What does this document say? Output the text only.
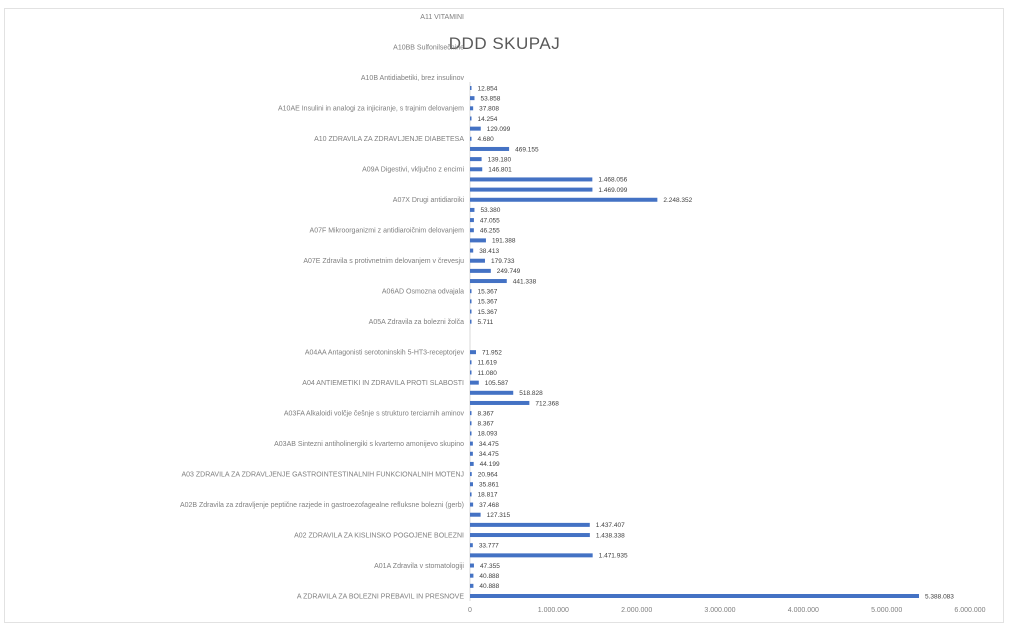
DDD SKUPAJ
0	1.000.000	2.000.000	3.000.000	4.000.000	5.000.000	6.000.000
5.388.083
40.888
40.888
47.355
1.471.935
33.777
1.438.338
1.437.407
127.315
37.468
18.817
35.861
20.964
44.199
34.475
34.475
18.093
8.367
8.367
712.368
518.828
105.587
11.080
11.619
71.952
5.711
15.367
15.367
15.367
441.338
249.749
179.733
38.413
191.388
46.255
47.055
53.380
2.248.352
1.469.099
1.468.056
146.801
139.180
469.155
4.680
129.099
14.254
37.808
53.858
12.854
A ZDRAVILA ZA BOLEZNI PREBAVIL IN PRESNOVE
A01A Zdravila v stomatologiji
A02 ZDRAVILA ZA KISLINSKO POGOJENE BOLEZNI
A02B Zdravila za zdravljenje peptične razjede in gastroezofagealne refluksne bolezni (gerb)
A03 ZDRAVILA ZA ZDRAVLJENJE GASTROINTESTINALNIH FUNKCIONALNIH MOTENJ
A03AB Sintezni antiholinergiki s kvarterno amonijevo skupino
A03FA Alkaloidi volčje češnje s strukturo terciarnih aminov
A04 ANTIEMETIKI IN ZDRAVILA PROTI SLABOSTI
A04AA Antagonisti serotoninskih 5-HT3-receptorjev
A05A Zdravila za bolezni žolča
A06AD Osmozna odvajala
A07E Zdravila s protivnetnim delovanjem v črevesju
A07F Mikroorganizmi z antidiaroičnim delovanjem
A07X Drugi antidiaroiki
A09A Digestivi, vključno z encimi
A10 ZDRAVILA ZA ZDRAVLJENJE DIABETESA
A10AE Insulini in analogi za injiciranje, s trajnim delovanjem
A10B Antidiabetiki, brez insulinov
A10BB Sulfonilsečnine
A11 VITAMINI
